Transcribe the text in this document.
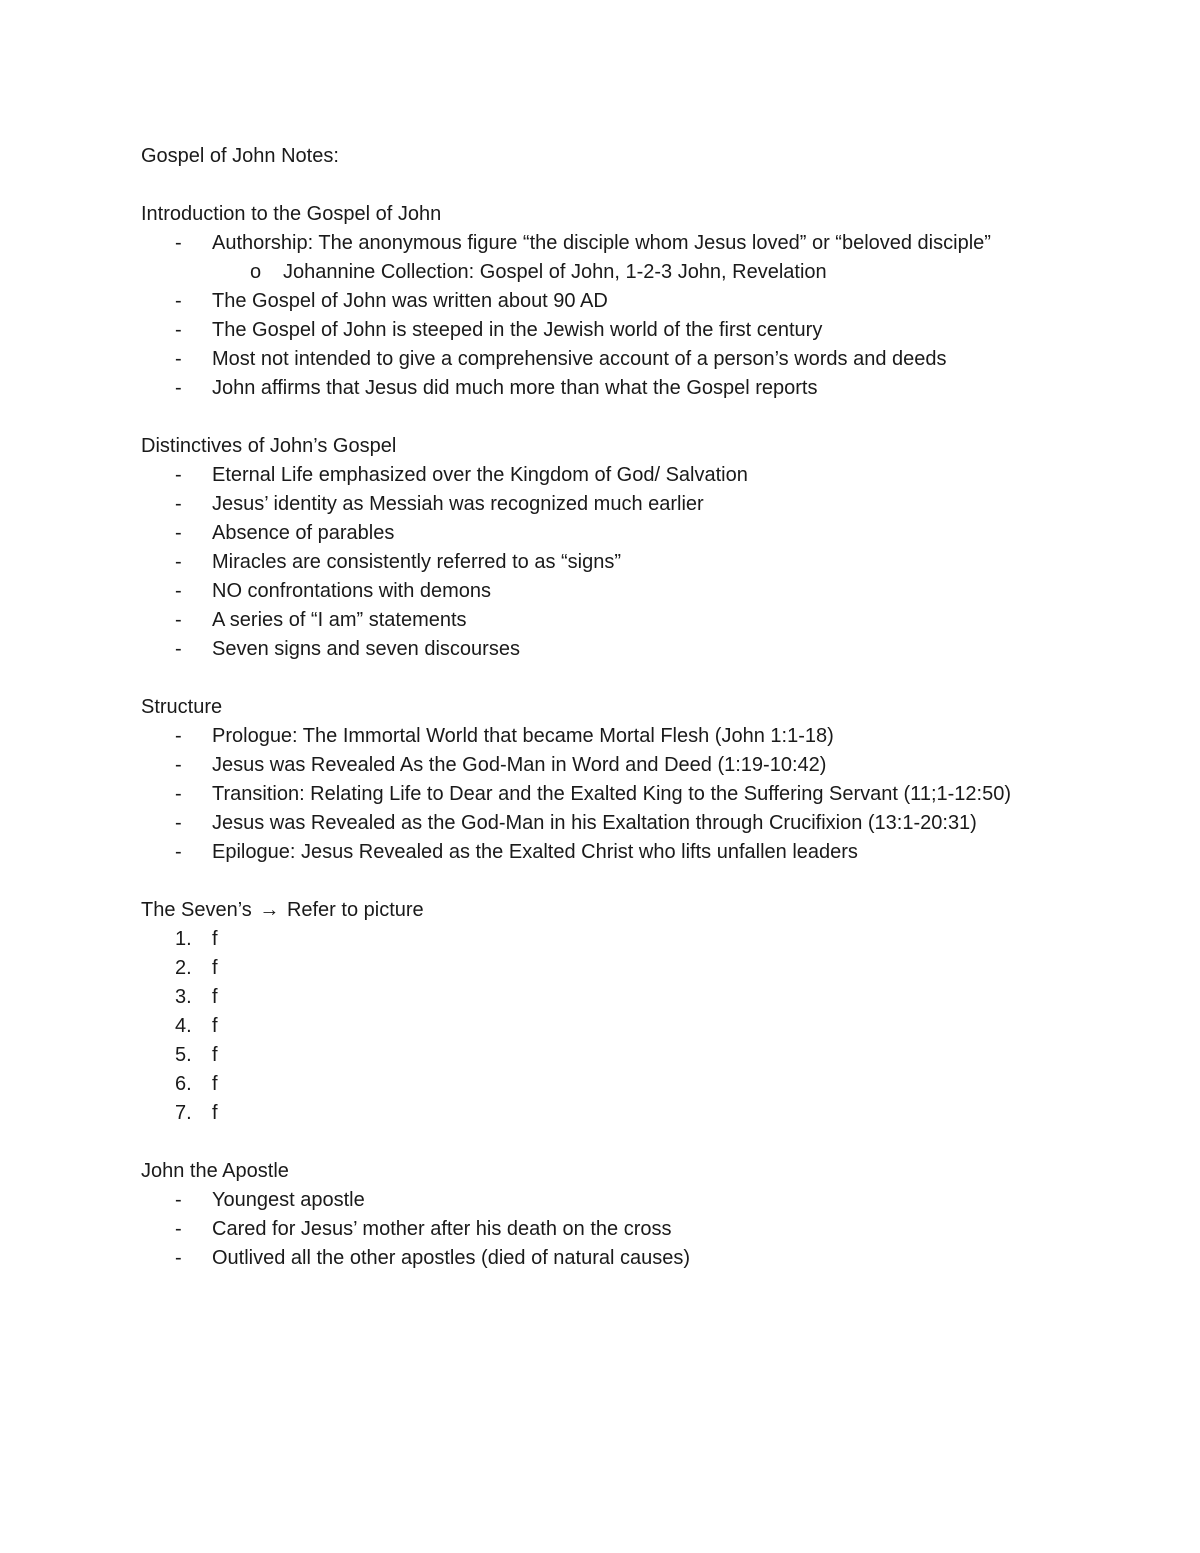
Gospel of John Notes:

Introduction to the Gospel of John

- Authorship: The anonymous figure “the disciple whom Jesus loved” or “beloved disciple”
o Johannine Collection: Gospel of John, 1-2-3 John, Revelation
- The Gospel of John was written about 90 AD
- The Gospel of John is steeped in the Jewish world of the first century
- Most not intended to give a comprehensive account of a person’s words and deeds
- John affirms that Jesus did much more than what the Gospel reports

Distinctives of John’s Gospel

- Eternal Life emphasized over the Kingdom of God/ Salvation
- Jesus’ identity as Messiah was recognized much earlier
- Absence of parables
- Miracles are consistently referred to as “signs”
- NO confrontations with demons
- A series of “I am” statements
- Seven signs and seven discourses

Structure

- Prologue: The Immortal World that became Mortal Flesh (John 1:1-18)
- Jesus was Revealed As the God-Man in Word and Deed (1:19-10:42)
- Transition: Relating Life to Dear and the Exalted King to the Suffering Servant (11;1-12:50)
- Jesus was Revealed as the God-Man in his Exaltation through Crucifixion (13:1-20:31)
- Epilogue: Jesus Revealed as the Exalted Christ who lifts unfallen leaders

The Seven’s → Refer to picture

1.	f
2.	f
3.	f
4.	f
5.	f
6.	f
7.	f

John the Apostle

- Youngest apostle
- Cared for Jesus’ mother after his death on the cross
- Outlived all the other apostles (died of natural causes)
